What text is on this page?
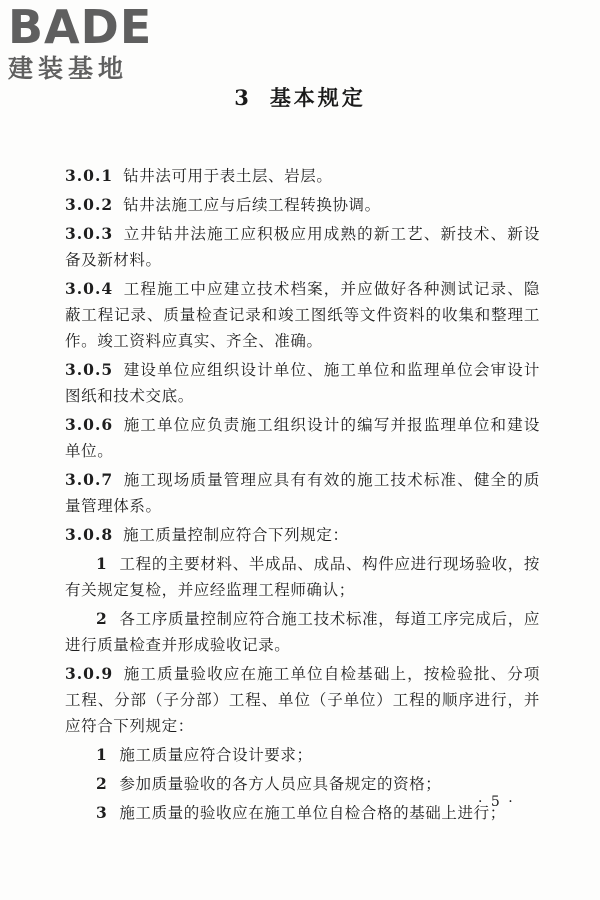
BADE
建装基地
3 基本规定

3.0.1 钻井法可用于表土层、岩层。

3.0.2 钻井法施工应与后续工程转换协调。

3.0.3 立井钻井法施工应积极应用成熟的新工艺、新技术、新设备及新材料。

3.0.4 工程施工中应建立技术档案，并应做好各种测试记录、隐蔽工程记录、质量检查记录和竣工图纸等文件资料的收集和整理工作。竣工资料应真实、齐全、准确。

3.0.5 建设单位应组织设计单位、施工单位和监理单位会审设计图纸和技术交底。

3.0.6 施工单位应负责施工组织设计的编写并报监理单位和建设单位。

3.0.7 施工现场质量管理应具有有效的施工技术标准、健全的质量管理体系。

3.0.8 施工质量控制应符合下列规定：

1 工程的主要材料、半成品、成品、构件应进行现场验收，按有关规定复检，并应经监理工程师确认；

2 各工序质量控制应符合施工技术标准，每道工序完成后，应进行质量检查并形成验收记录。

3.0.9 施工质量验收应在施工单位自检基础上，按检验批、分项工程、分部（子分部）工程、单位（子单位）工程的顺序进行，并应符合下列规定：

1 施工质量应符合设计要求；

2 参加质量验收的各方人员应具备规定的资格；

3 施工质量的验收应在施工单位自检合格的基础上进行；

· 5 ·
